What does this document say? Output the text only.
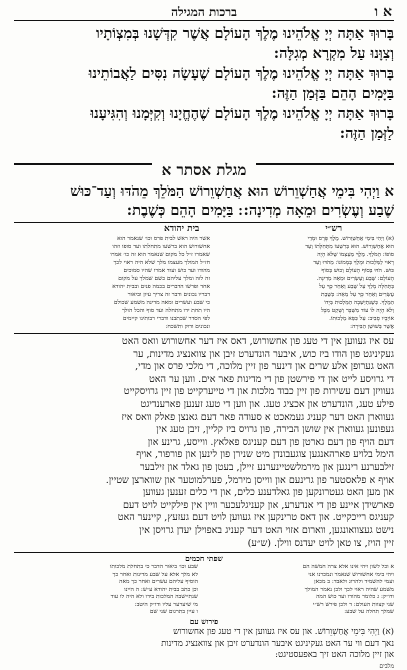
א ו
ברכות המגילה

בָּרוּךְ אַתָּה יְיָ אֱלֹהֵינוּ מֶלֶךְ הָעוֹלָם אֲשֶׁר קִדְּשָׁנוּ בְּמִצְוֹתָיו

וְצִוָּנוּ עַל מִקְרָא מְגִלָּה:

בָּרוּךְ אַתָּה יְיָ אֱלֹהֵינוּ מֶלֶךְ הָעוֹלָם שֶׁעָשָׂה נִסִּים לַאֲבוֹתֵינוּ

בַּיָּמִים הָהֵם בַּזְּמַן הַזֶּה:

בָּרוּךְ אַתָּה יְיָ אֱלֹהֵינוּ מֶלֶךְ הָעוֹלָם שֶׁהֶחֱיָנוּ וְקִיְּמָנוּ וְהִגִּיעָנוּ

לַזְּמַן הַזֶּה:

מגלת אסתר א

א וַיְהִי בִּימֵי אֲחַשְׁוֵרוֹשׁ הוּא אֲחַשְׁוֵרוֹשׁ הַמֹּלֵךְ מֵהֹדּוּ וְעַד־כּוּשׁ

שֶׁבַע וְעֶשְׂרִים וּמֵאָה מְדִינָה: ׃ בַּיָּמִים הָהֵם כְּשֶׁבֶת:

רש״י
בית יהודא
(א) וַיְהִי בִּימֵי אֲחַשְׁוֵרוֹשׁ. מֶלֶךְ פָּרָס וּמָדַי
הוּא אֲחַשְׁוֵרוֹשׁ. הוּא בְּרִשְׁעוֹ מִתְּחִלָּתוֹ וְעַד
סוֹפוֹ: הַמֹּלֵךְ. מֶלֶךְ מֵעַצְמוֹ שֶׁלֹּא הָיָה
רָאוּי לַמַּלְכוּת וּמָלַךְ בְּמָמוֹנוֹ: מֵהֹדּוּ וְעַד
כּוּשׁ. הֹדּוּ בְּסוֹף הָעוֹלָם וְכוּשׁ בְּסוֹף
הָעוֹלָם: שֶׁבַע וְעֶשְׂרִים וּמֵאָה מְדִינָה.
בַּתְּחִלָּה מָלַךְ עַל שֶׁבַע וְאַחַר כָּךְ עַל
עֶשְׂרִים וְאַחַר כָּךְ עַל מֵאָה: כְּשֶׁבֶת
הַמֶּלֶךְ. כְּשֶׁנִּתְיַשְּׁבָה הַמַּלְכוּת בְּיָדוֹ
וְלֹא הָיָה לוֹ עוֹד מִשְׁבָּר וְשָׁקֵט מִכָּל
אוֹיְבָיו סָבִיב: עַל כִּסֵּא מַלְכוּתוֹ.
אֲשֶׁר בְּשׁוּשַׁן הַבִּירָה:
אשר היה ראש לבית פרס וכו׳ שנאמר הוא
אחשורוש הוא ברשעו מתחלתו ועד סופו וזהו
שאמרו ז״ל כל מקום שנאמר הוא זה כו׳ אמרו
חז״ל המולך מעצמו מלך שלא היה ראוי לכך
מהודו ועד כוש ועוד אמרו שהיו סמוכים
זה לזה ומלך עליהם כשם שמלך על מקום
אחד ופרשו הדברים בכמה פנים ובבית יהודא
דבריו נכונים ודבר זה צריך עיון וביאור
כי שבע ועשרים ומאה מדינה משמע שכולם
היו תחת ידו מתחלה ועד סוף והכל הולך
לפי הסדר שכתבנו ודברי רבותינו קיימים
ונכונים ודוק ותשכח:
עס איז געווען אין די טעג פון אחשורוש, דאס איז דער אחשורוש וואס האט
געקיניגט פון הודו ביז כוש, איבער הונדערט זיבן און צוואנציג מדינות, ער
האט גערופן אלע שרים און דינער פון זיין מלוכה, די מלכי פרס און מדי,
די גרויסע לייט און די פירשטן פון די מדינות פאר אים. ווען ער האט
געוויזן דעם עשירות פון זיין כבוד מלכות און די טייערקייט פון זיין גרויסקייט
פילע טעג, הונדערט און אכציג טעג. און ווען די טעג זענען פארענדיגט
געווארן האט דער קעניג געמאכט א סעודה פאר דעם גאנצן פאלק וואס איז
געפונען געווארן אין שושן הבירה, פון גרויס ביז קליין, זיבן טעג אין
דעם הויף פון דעם גארטן פון דעם קעניגס פאלאץ. ווייסע, גרינע און
הימל בלויע פארהאנגען צוגעבונדן מיט שנירן פון לינען און פורפור, אויף
זילבערנע רינגען און מירמלשטיינערנע זיילן, בעטן פון גאלד און זילבער
אויף א פלאסטער פון גרינעם און ווייסן מירמל, פערלמוטער און שווארצן שטיין.
און מען האט געטרונקען פון גאלדענע כלים, און די כלים זענען געווען
פארשידן איינע פון די אנדערע, און קעניגלעכער וויין אין פילקייט לויט דעם
קעניגס רייכקייט. און דאס טרינקען איז געווען לויט דעם געזעץ, קיינער האט
נישט געצוואונגען, ווארום אזוי האט דער קעניג באפוילן יעדן גרויסן אין
זיין הויז, צו טאן לויט יעדנס ווילן. (ש״ע)
שפתי חכמים
א וכל לשון ויהי אינו אלא צרה חמשה הם
ויהי בימי אחשורוש שנאמר ונמכרנו אני
ועמי להשמיד ולהרוג ולאבד: ב מכאן
משמע שהיה ראוי לכך ולכן נאמר המולך
ודו״ק: ג כלומר מהודו ועד כוש המה
שני קצוות העולם: ד ולכן פירש רש״י
שמלך תחלה על שבע:
שבע וכו׳ ביאור הדבר כי בתחלת מלכותו
לא מלך אלא על שבע מדינות ואחר כך
הוסיף עליהם עשרים ואחר כך מאה
וכן כתב בבית יהודא ע״ש: ה היינו
שנתיישבה המלכות בידו ולא היה לו עוד
מי שיערער עליו ודו״ק היטב:
ו עיין בתרגום שני שם
פירוש עם
(א) וַיְהִי בִּימֵי אֲחַשְׁוֵרוֹשׁ. און עס איז געווען אין די טעג פון אחשורוש
נאך דעם ווי ער האט געקיניגט איבער הונדערט זיבן און צוואנציג מדינות
און זיין מלוכה האט זיך באפעסטיגט:
מלבים
